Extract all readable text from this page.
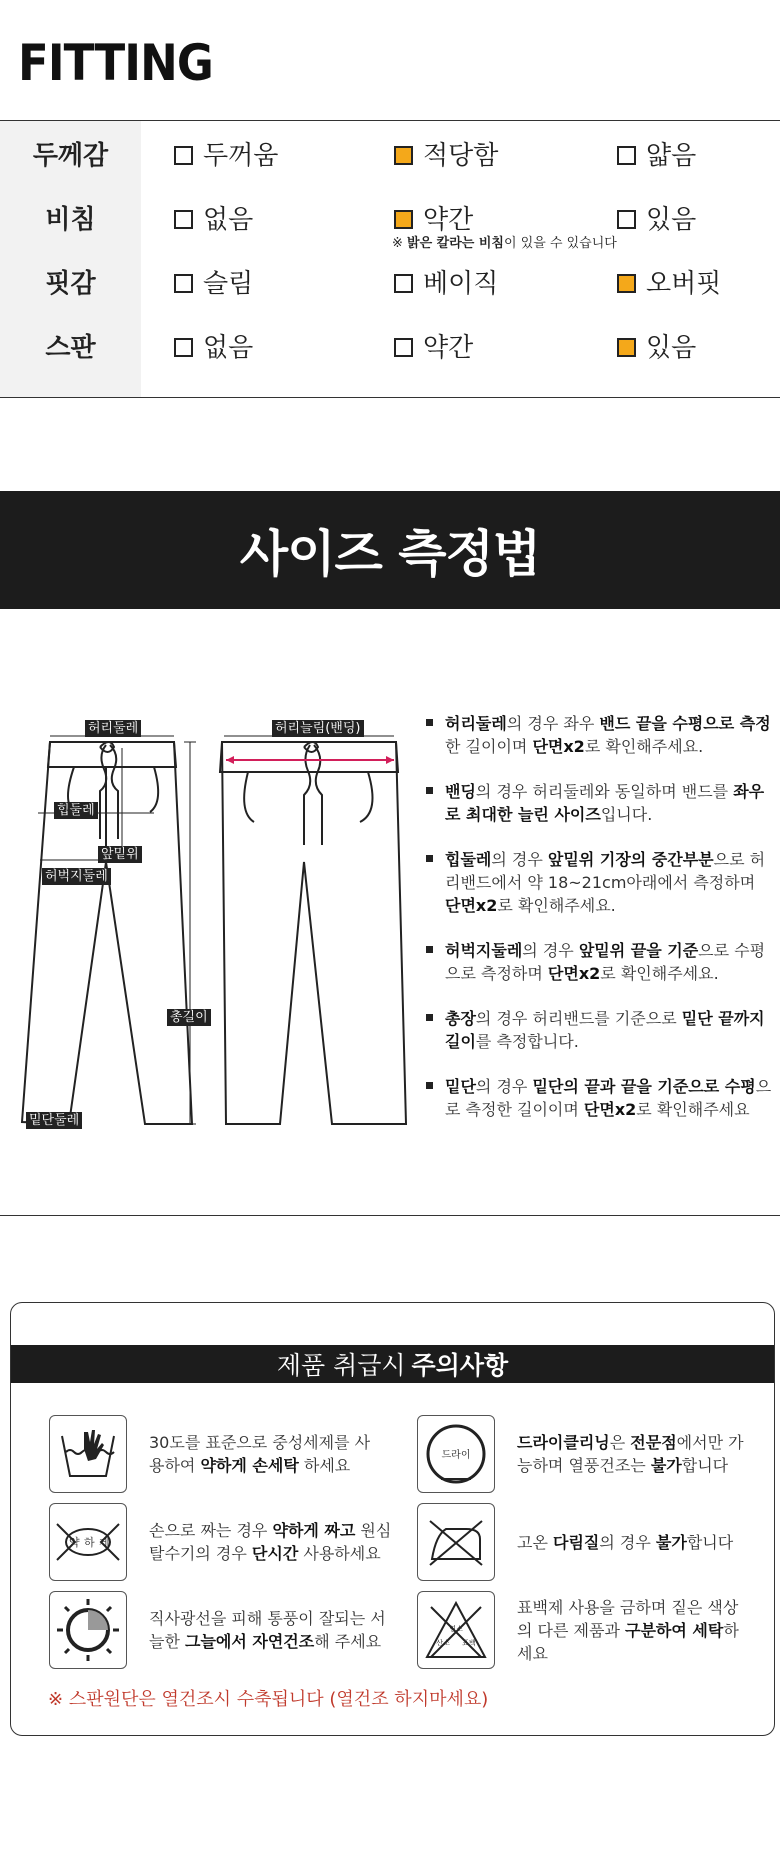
FITTING
두께감	두꺼움	적당함	얇음
비침	없음	약간	있음
※ 밝은 칼라는 비침이 있을 수 있습니다
핏감	슬림	베이직	오버핏
스판	없음	약간	있음
사이즈 측정법
허리둘레
힙둘레
앞밑위
허벅지둘레
총길이
밑단둘레
허리늘림(밴딩)	허리둘레의 경우 좌우 밴드 끝을 수평으로 측정한 길이이며 단면x2로 확인해주세요.
밴딩의 경우 허리둘레와 동일하며 밴드를 좌우로 최대한 늘린 사이즈입니다.
힙둘레의 경우 앞밑위 기장의 중간부분으로 허리밴드에서 약 18~21cm아래에서 측정하며 단면x2로 확인해주세요.
허벅지둘레의 경우 앞밑위 끝을 기준으로 수평으로 측정하며 단면x2로 확인해주세요.
총장의 경우 허리밴드를 기준으로 밑단 끝까지 길이를 측정합니다.
밑단의 경우 밑단의 끝과 끝을 기준으로 수평으로 측정한 길이이며 단면x2로 확인해주세요
제품 취급시 주의사항
30도를 표준으로 중성세제를 사용하여 약하게 손세탁 하세요
드라이
드라이클리닝은 전문점에서만 가능하며 열풍건조는 불가합니다
약 하 게
손으로 짜는 경우 약하게 짜고 원심 탈수기의 경우 단시간 사용하세요
고온 다림질의 경우 불가합니다
직사광선을 피해 통풍이 잘되는 서늘한 그늘에서 자연건조해 주세요
염소
산소 표백
표백제 사용을 금하며 짙은 색상의 다른 제품과 구분하여 세탁하세요
※ 스판원단은 열건조시 수축됩니다 (열건조 하지마세요)
